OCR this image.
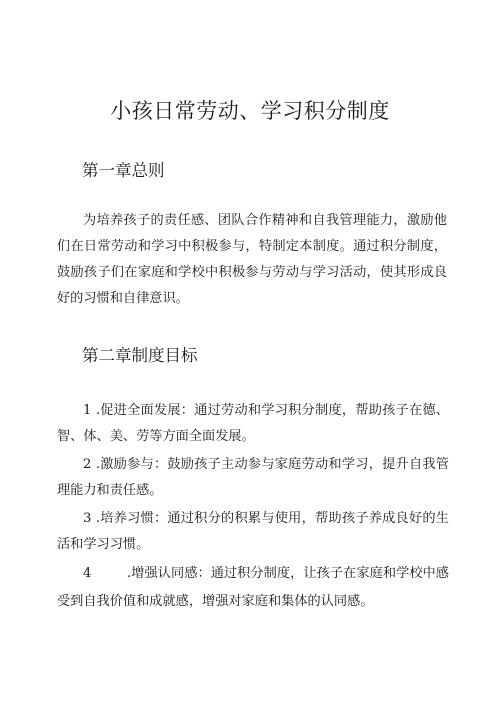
小孩日常劳动、学习积分制度
第一章总则

为培养孩子的责任感、团队合作精神和自我管理能力，激励他们在日常劳动和学习中积极参与，特制定本制度。通过积分制度，鼓励孩子们在家庭和学校中积极参与劳动与学习活动，使其形成良好的习惯和自律意识。

第二章制度目标

1 .促进全面发展：通过劳动和学习积分制度，帮助孩子在德、智、体、美、劳等方面全面发展。

2 .激励参与：鼓励孩子主动参与家庭劳动和学习，提升自我管理能力和责任感。

3 .培养习惯：通过积分的积累与使用，帮助孩子养成良好的生活和学习习惯。

4	.增强认同感：通过积分制度，让孩子在家庭和学校中感受到自我价值和成就感，增强对家庭和集体的认同感。
